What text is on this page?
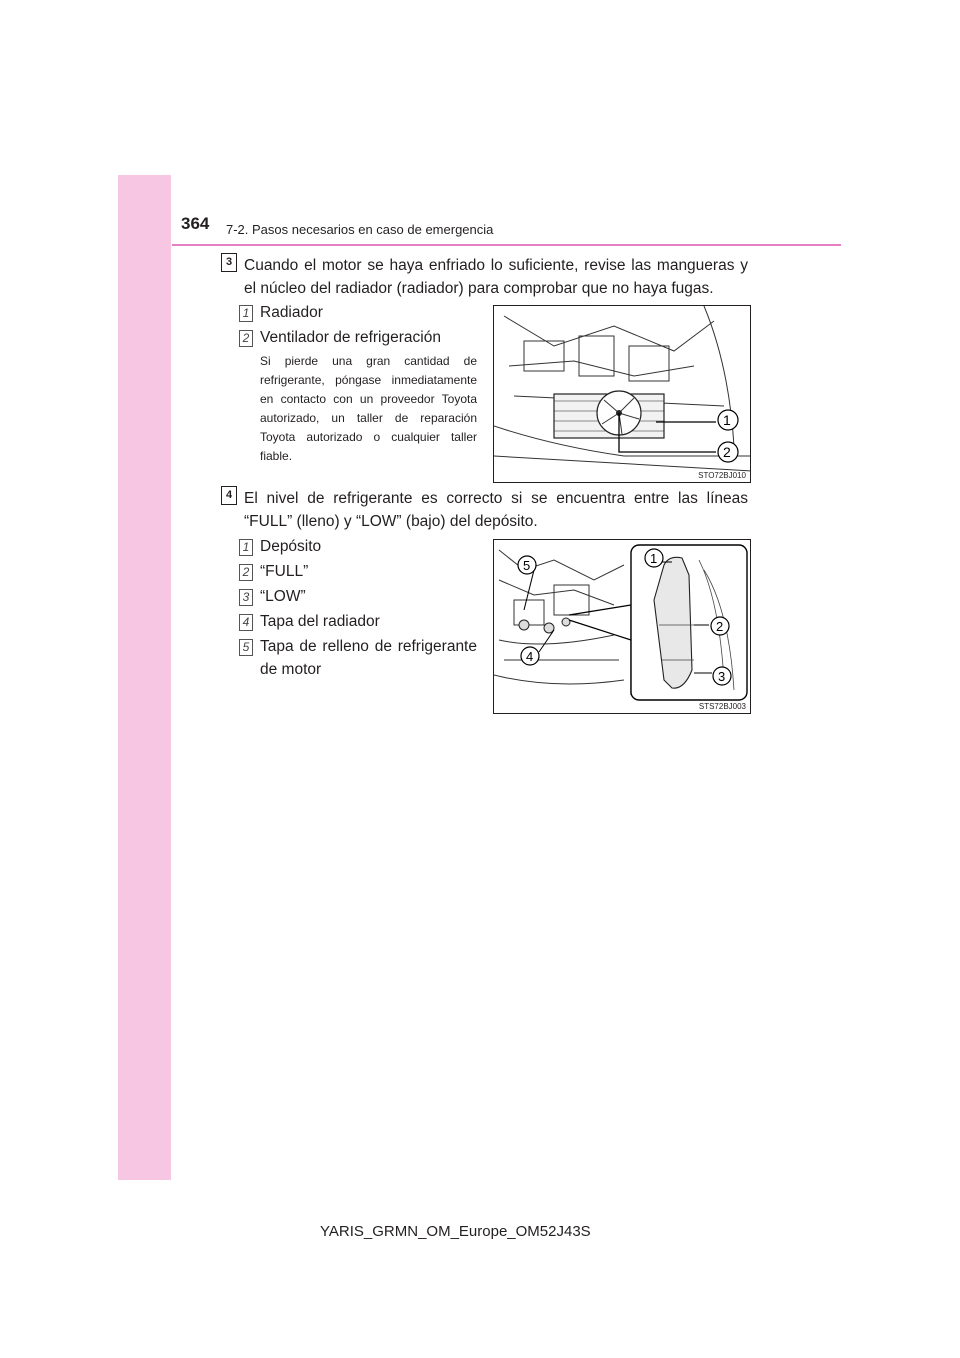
364 7-2. Pasos necesarios en caso de emergencia
3 Cuando el motor se haya enfriado lo suficiente, revise las mangueras y el núcleo del radiador (radiador) para comprobar que no haya fugas.
1 Radiador
2 Ventilador de refrigeración
Si pierde una gran cantidad de refrigerante, póngase inmediatamente en contacto con un proveedor Toyota autorizado, un taller de reparación Toyota autorizado o cualquier taller fiable.
1
2
STO72BJ010
4 El nivel de refrigerante es correcto si se encuentra entre las líneas “FULL” (lleno) y “LOW” (bajo) del depósito.
1 Depósito
2 “FULL”
3 “LOW”
4 Tapa del radiador
5 Tapa de relleno de refrigerante de motor
1
2
3
4
5
STS72BJ003
YARIS_GRMN_OM_Europe_OM52J43S
